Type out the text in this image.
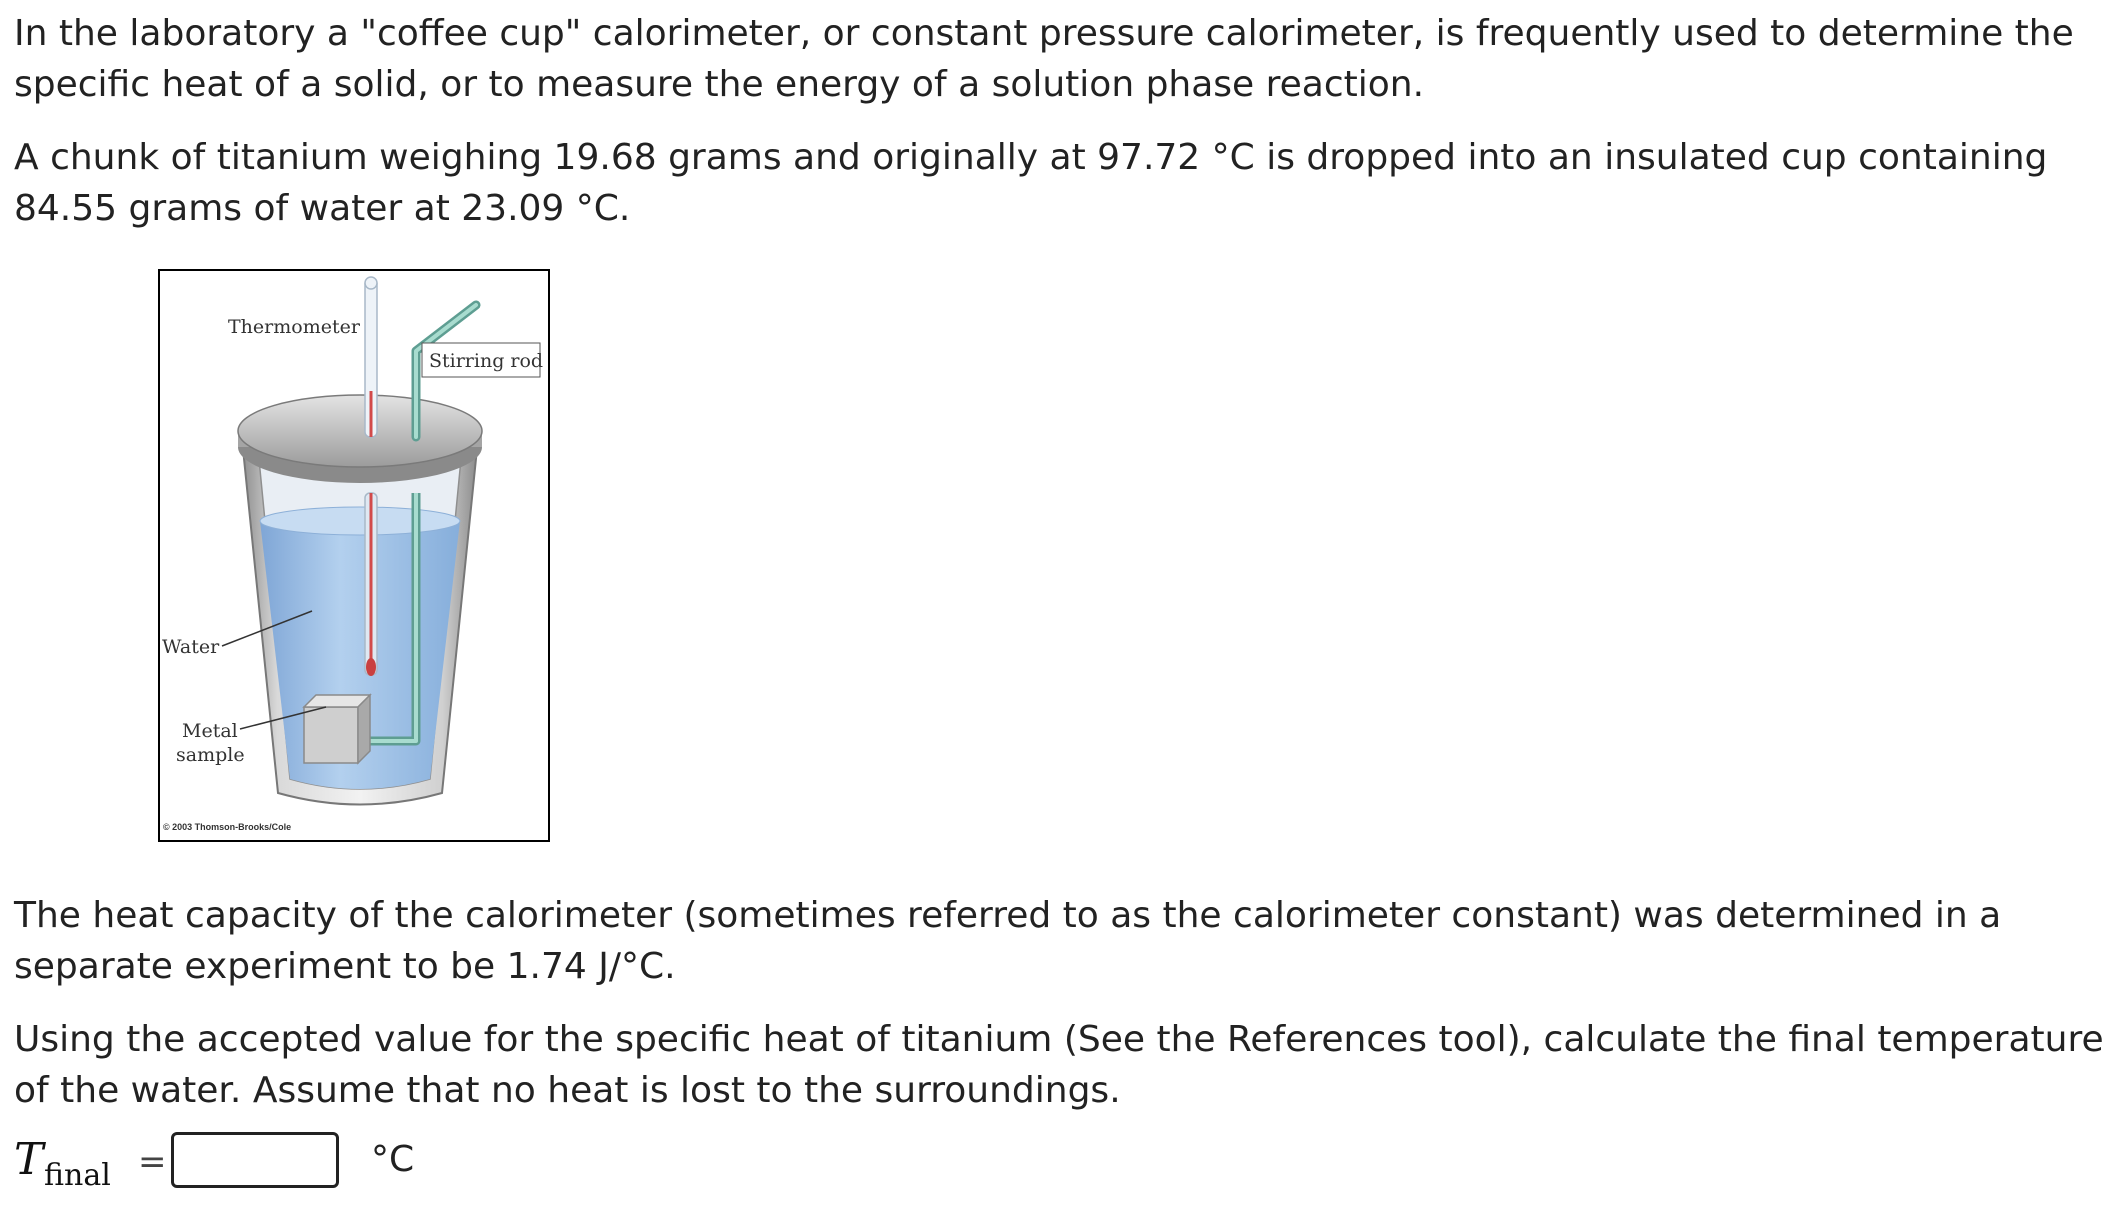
In the laboratory a "coffee cup" calorimeter, or constant pressure calorimeter, is frequently used to determine the specific heat of a solid, or to measure the energy of a solution phase reaction.

A chunk of titanium weighing 19.68 grams and originally at 97.72 °C is dropped into an insulated cup containing 84.55 grams of water at 23.09 °C.

Thermometer
Stirring rod
Water
Metal
sample
© 2003 Thomson-Brooks/Cole

The heat capacity of the calorimeter (sometimes referred to as the calorimeter constant) was determined in a separate experiment to be 1.74 J/°C.

Using the accepted value for the specific heat of titanium (See the References tool), calculate the final temperature of the water. Assume that no heat is lost to the surroundings.

T final =	°C
